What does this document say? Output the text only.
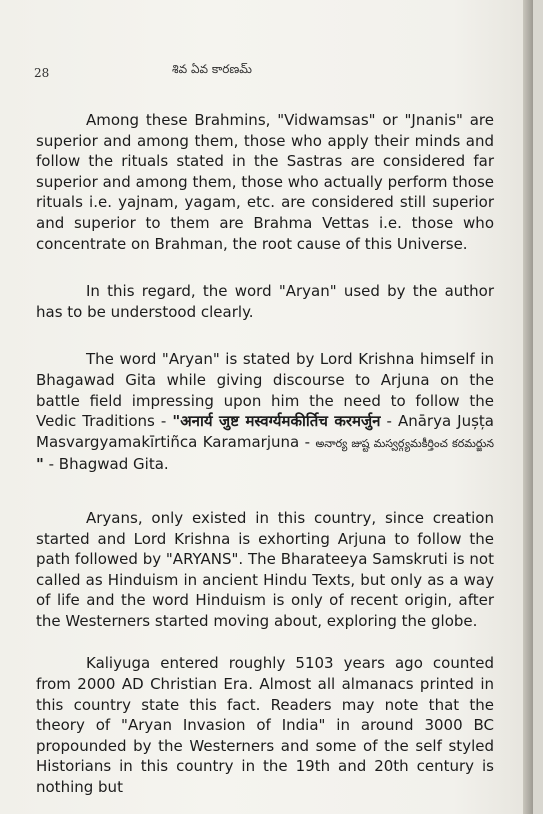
28	శివ ఏవ కారణమ్

Among these Brahmins, "Vidwamsas" or "Jnanis" are superior and among them, those who apply their minds and follow the rituals stated in the Sastras are considered far superior and among them, those who actually perform those rituals i.e. yajnam, yagam, etc. are considered still superior and superior to them are Brahma Vettas i.e. those who concentrate on Brahman, the root cause of this Universe.

In this regard, the word "Aryan" used by the author has to be understood clearly.

The word "Aryan" is stated by Lord Krishna himself in Bhagawad Gita while giving discourse to Arjuna on the battle field impressing upon him the need to follow the Vedic Traditions - "अनार्य जुष्ट मस्वर्ग्यमकीर्तिच करमर्जुन - Anārya Jușța Masvargyamakīrtiñca Karamarjuna - అనార్య జుష్ట మస్వర్గ్యమకీర్తించ కరమర్జున " - Bhagwad Gita.

Aryans, only existed in this country, since creation started and Lord Krishna is exhorting Arjuna to follow the path followed by "ARYANS". The Bharateeya Samskruti is not called as Hinduism in ancient Hindu Texts, but only as a way of life and the word Hinduism is only of recent origin, after the Westerners started moving about, exploring the globe.

Kaliyuga entered roughly 5103 years ago counted from 2000 AD Christian Era. Almost all almanacs printed in this country state this fact. Readers may note that the theory of "Aryan Invasion of India" in around 3000 BC propounded by the Westerners and some of the self styled Historians in this country in the 19th and 20th century is nothing but
